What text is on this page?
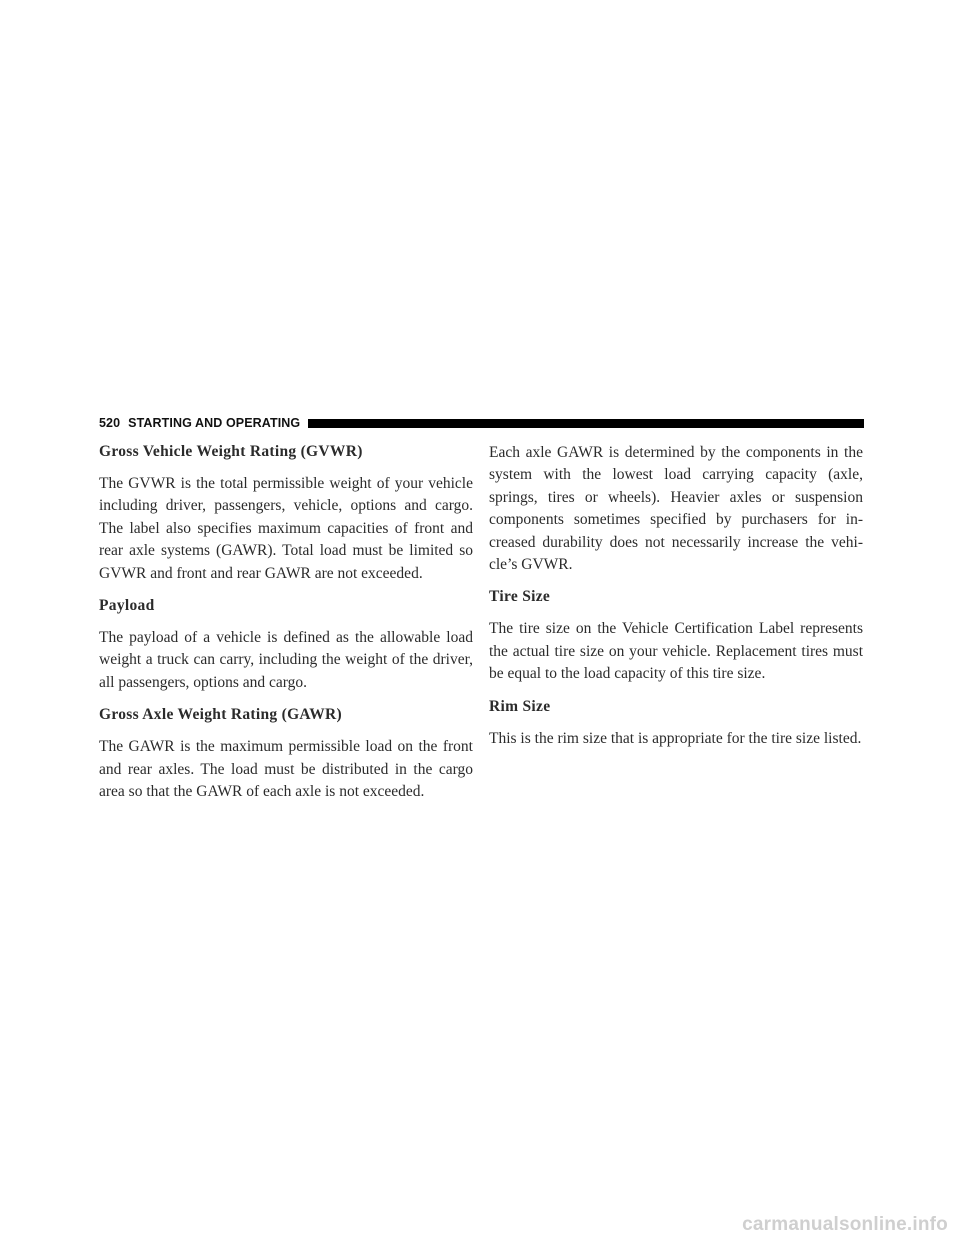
520 STARTING AND OPERATING
Gross Vehicle Weight Rating (GVWR)

The GVWR is the total permissible weight of your vehicle including driver, passengers, vehicle, options and cargo. The label also specifies maximum capacities of front and rear axle systems (GAWR). Total load must be limited so GVWR and front and rear GAWR are not exceeded.

Payload

The payload of a vehicle is defined as the allowable load weight a truck can carry, including the weight of the driver, all passengers, options and cargo.

Gross Axle Weight Rating (GAWR)

The GAWR is the maximum permissible load on the front and rear axles. The load must be distributed in the cargo area so that the GAWR of each axle is not exceeded.

Each axle GAWR is determined by the components in the system with the lowest load carrying capacity (axle, springs, tires or wheels). Heavier axles or suspension components sometimes specified by purchasers for increased durability does not necessarily increase the vehicle’s GVWR.

Tire Size

The tire size on the Vehicle Certification Label represents the actual tire size on your vehicle. Replacement tires must be equal to the load capacity of this tire size.

Rim Size

This is the rim size that is appropriate for the tire size listed.

carmanualsonline.info
